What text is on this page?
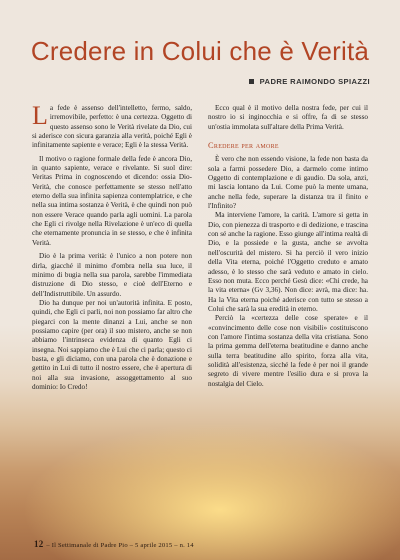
Credere in Colui che è Verità
PADRE RAIMONDO SPIAZZI

La fede è assenso dell'intelletto, fermo, saldo, irremovibile, perfetto: è una certezza. Oggetto di questo assenso sono le Verità rivelate da Dio, cui si aderisce con sicura garanzia alla verità, poiché Egli è infinitamente sapiente e verace; Egli è la stessa Verità.

Il motivo o ragione formale della fede è ancora Dio, in quanto sapiente, verace e rivelante. Si suol dire: Veritas Prima in cognoscendo et dicendo: ossia Dio-Verità, che conosce perfettamente se stesso nell'atto eterno della sua infinita sapienza contemplatrice, e che nella sua intima sostanza è Verità, è che quindi non può non essere Verace quando parla agli uomini. La parola che Egli ci rivolge nella Rivelazione è un'eco di quella che eternamente pronuncia in se stesso, e che è infinita Verità.

Dio è la prima verità: è l'unico a non potere non dirla, giacché il minimo d'ombra nella sua luce, il minimo di bugia nella sua parola, sarebbe l'immediata distruzione di Dio stesso, e cioè dell'Eterno e dell'Indistruttibile. Un assurdo.

Dio ha dunque per noi un'autorità infinita. E posto, quindi, che Egli ci parli, noi non possiamo far altro che piegarci con la mente dinanzi a Lui, anche se non possiamo capire (per ora) il suo mistero, anche se non abbiamo l'intrinseca evidenza di quanto Egli ci insegna. Noi sappiamo che è Lui che ci parla; questo ci basta, e gli diciamo, con una parola che è donazione e gettito in Lui di tutto il nostro essere, che è apertura di noi alla sua invasione, assoggettamento al suo dominio: Io Credo!

Ecco qual è il motivo della nostra fede, per cui il nostro io si inginocchia e si offre, fa di se stesso un'ostia immolata sull'altare della Prima Verità.

Credere per amore

È vero che non essendo visione, la fede non basta da sola a farmi possedere Dio, a darmelo come intimo Oggetto di contemplazione e di gaudio. Da sola, anzi, mi lascia lontano da Lui. Come può la mente umana, anche nella fede, superare la distanza tra il finito e l'Infinito?

Ma interviene l'amore, la carità. L'amore si getta in Dio, con pienezza di trasporto e di dedizione, e trascina con sé anche la ragione. Esso giunge all'intima realtà di Dio, e la possiede e la gusta, anche se avvolta nell'oscurità del mistero. Si ha perciò il vero inizio della Vita eterna, poiché l'Oggetto creduto e amato adesso, è lo stesso che sarà veduto e amato in cielo. Esso non muta. Ecco perché Gesù dice: «Chi crede, ha la vita eterna» (Gv 3,36). Non dice: avrà, ma dice: ha. Ha la Vita eterna poiché aderisce con tutto se stesso a Colui che sarà la sua eredità in eterno.

Perciò la «certezza delle cose sperate» e il «convincimento delle cose non visibili» costituiscono con l'amore l'intima sostanza della vita cristiana. Sono la prima gemma dell'eterna beatitudine e danno anche sulla terra beatitudine allo spirito, forza alla vita, solidità all'esistenza, sicché la fede è per noi il grande segreto di vivere mentre l'esilio dura e si prova la nostalgia del Cielo.

12 – Il Settimanale di Padre Pio – 5 aprile 2015 – n. 14
